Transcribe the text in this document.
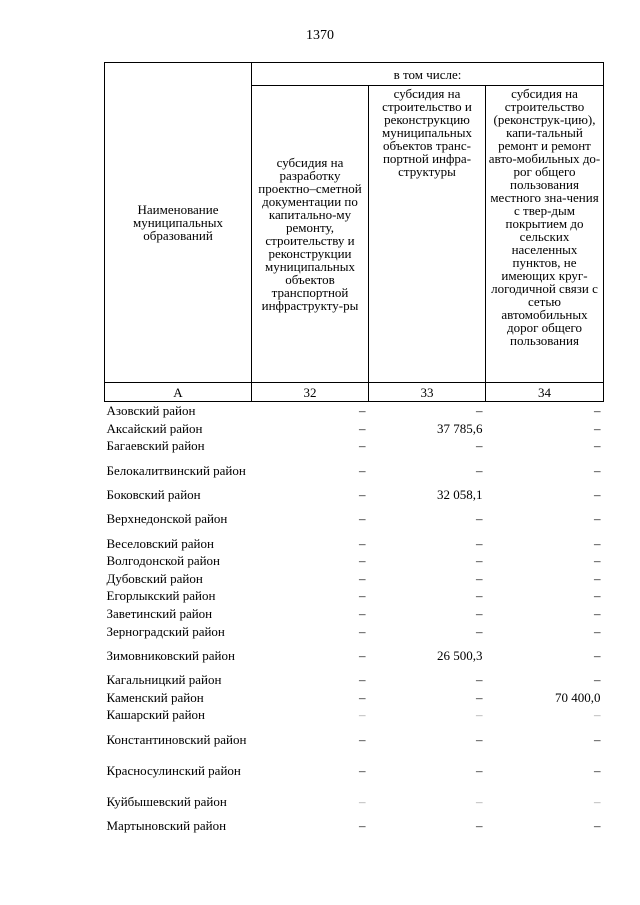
1370
Наименование муниципальных образований	в том числе:		
	субсидия на разработку проектно–сметной документации по капитально-му ремонту, строительству и реконструкции муниципальных объектов транспортной инфраструкту-ры	субсидия на строительство и реконструкцию муниципальных объектов транс-портной инфра-структуры	субсидия на строительство (реконструк-цию), капи-тальный ремонт и ремонт авто-мобильных до-рог общего пользования местного зна-чения с твер-дым покрытием до сельских населенных пунктов, не имеющих круг-логодичной связи с сетью автомобильных дорог общего пользования
А	32	33	34
Азовский район	–	–	–
Аксайский район	–	37 785,6	–
Багаевский район	–	–	–
Белокалитвинский район	–	–	–
Боковский район	–	32 058,1	–
Верхнедонской район	–	–	–
Веселовский район	–	–	–
Волгодонской район	–	–	–
Дубовский район	–	–	–
Егорлыкский район	–	–	–
Заветинский район	–	–	–
Зерноградский район	–	–	–
Зимовниковский район	–	26 500,3	–
Кагальницкий район	–	–	–
Каменский район	–	–	70 400,0
Кашарский район	–	–	–
Константиновский район	–	–	–
Красносулинский район	–	–	–
Куйбышевский район	–	–	–
Мартыновский район	–	–	–
